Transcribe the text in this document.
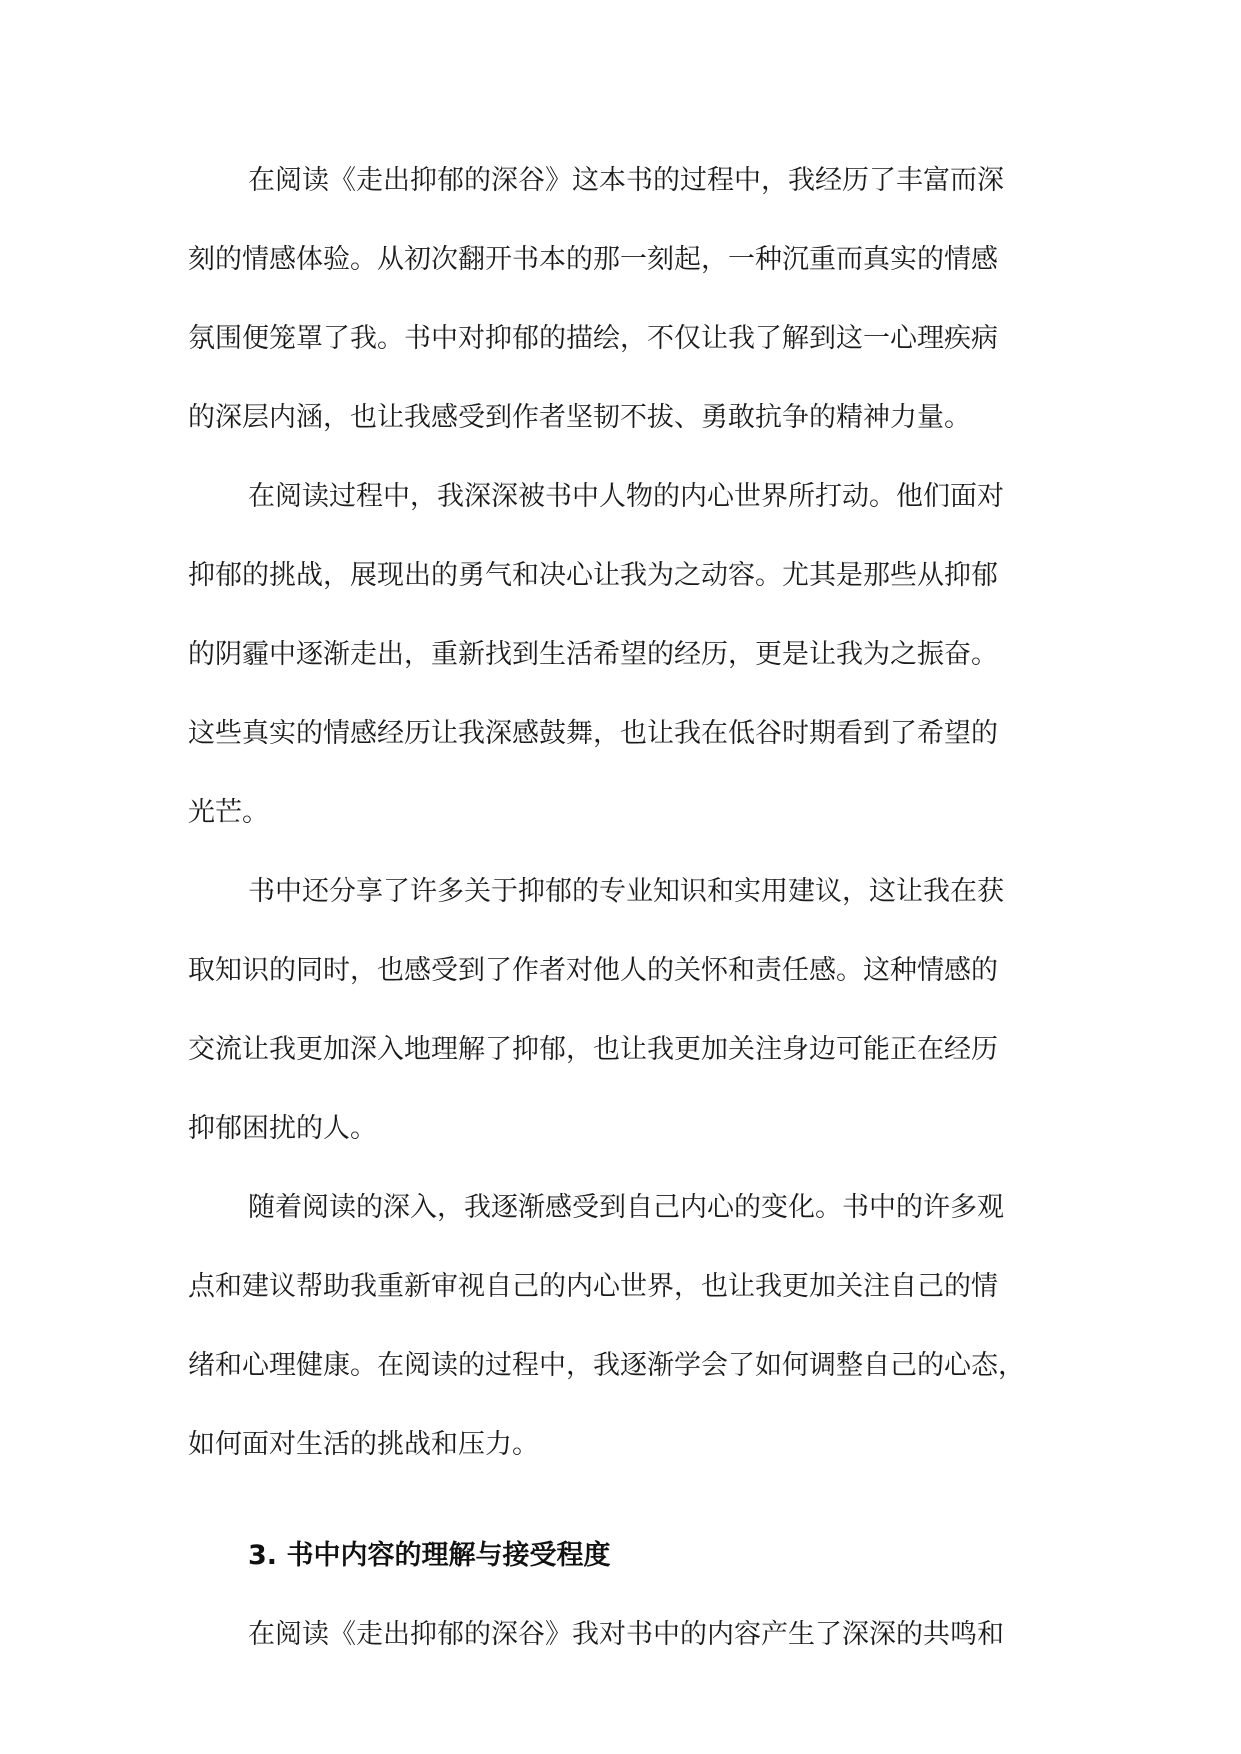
在阅读《走出抑郁的深谷》这本书的过程中，我经历了丰富而深
刻的情感体验。从初次翻开书本的那一刻起，一种沉重而真实的情感
氛围便笼罩了我。书中对抑郁的描绘，不仅让我了解到这一心理疾病
的深层内涵，也让我感受到作者坚韧不拔、勇敢抗争的精神力量。

在阅读过程中，我深深被书中人物的内心世界所打动。他们面对
抑郁的挑战，展现出的勇气和决心让我为之动容。尤其是那些从抑郁
的阴霾中逐渐走出，重新找到生活希望的经历，更是让我为之振奋。
这些真实的情感经历让我深感鼓舞，也让我在低谷时期看到了希望的
光芒。

书中还分享了许多关于抑郁的专业知识和实用建议，这让我在获
取知识的同时，也感受到了作者对他人的关怀和责任感。这种情感的
交流让我更加深入地理解了抑郁，也让我更加关注身边可能正在经历
抑郁困扰的人。

随着阅读的深入，我逐渐感受到自己内心的变化。书中的许多观
点和建议帮助我重新审视自己的内心世界，也让我更加关注自己的情
绪和心理健康。在阅读的过程中，我逐渐学会了如何调整自己的心态，
如何面对生活的挑战和压力。

3. 书中内容的理解与接受程度

在阅读《走出抑郁的深谷》我对书中的内容产生了深深的共鸣和
